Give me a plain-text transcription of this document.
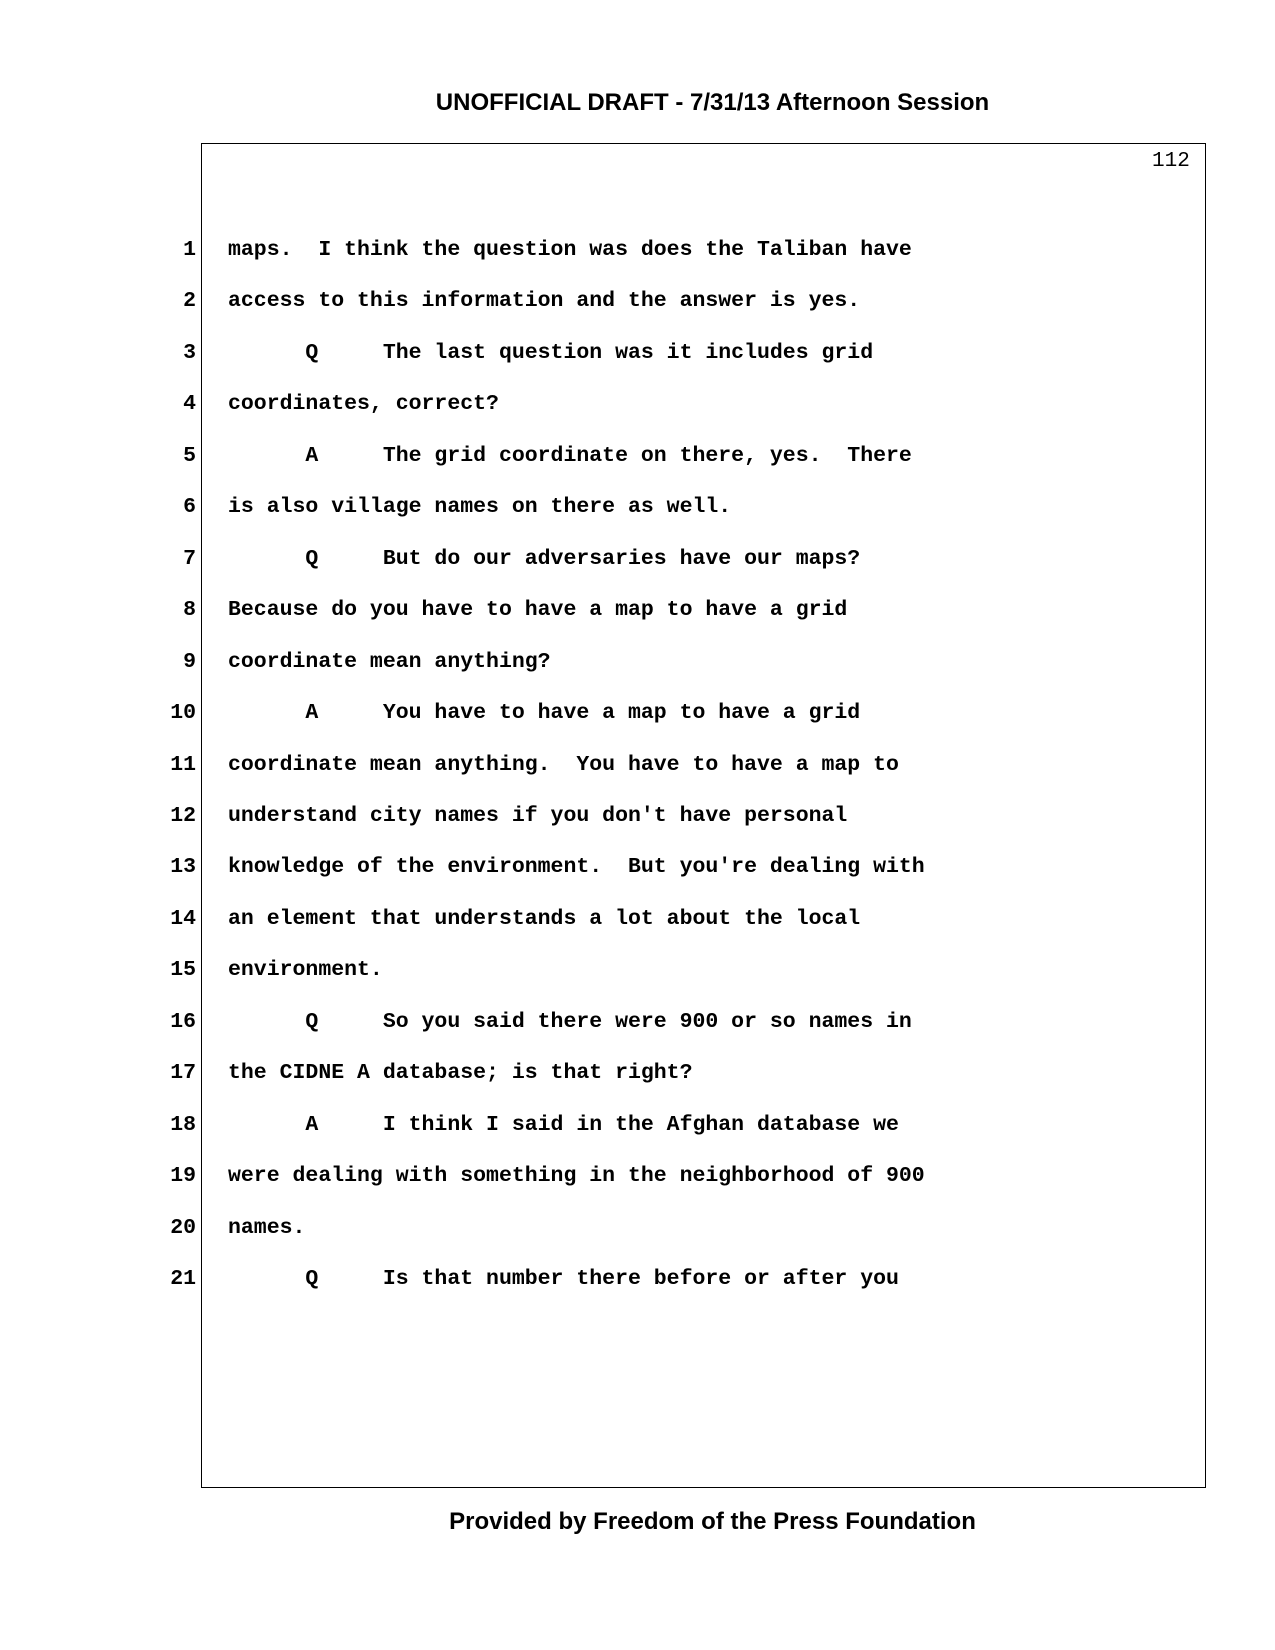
UNOFFICIAL DRAFT - 7/31/13 Afternoon Session
112
1 maps.  I think the question was does the Taliban have
2 access to this information and the answer is yes.
3 Q     The last question was it includes grid
4 coordinates, correct?
5 A     The grid coordinate on there, yes.  There
6 is also village names on there as well.
7 Q     But do our adversaries have our maps?
8 Because do you have to have a map to have a grid
9 coordinate mean anything?
10 A     You have to have a map to have a grid
11 coordinate mean anything.  You have to have a map to
12 understand city names if you don't have personal
13 knowledge of the environment.  But you're dealing with
14 an element that understands a lot about the local
15 environment.
16 Q     So you said there were 900 or so names in
17 the CIDNE A database; is that right?
18 A     I think I said in the Afghan database we
19 were dealing with something in the neighborhood of 900
20 names.
21 Q     Is that number there before or after you
Provided by Freedom of the Press Foundation
